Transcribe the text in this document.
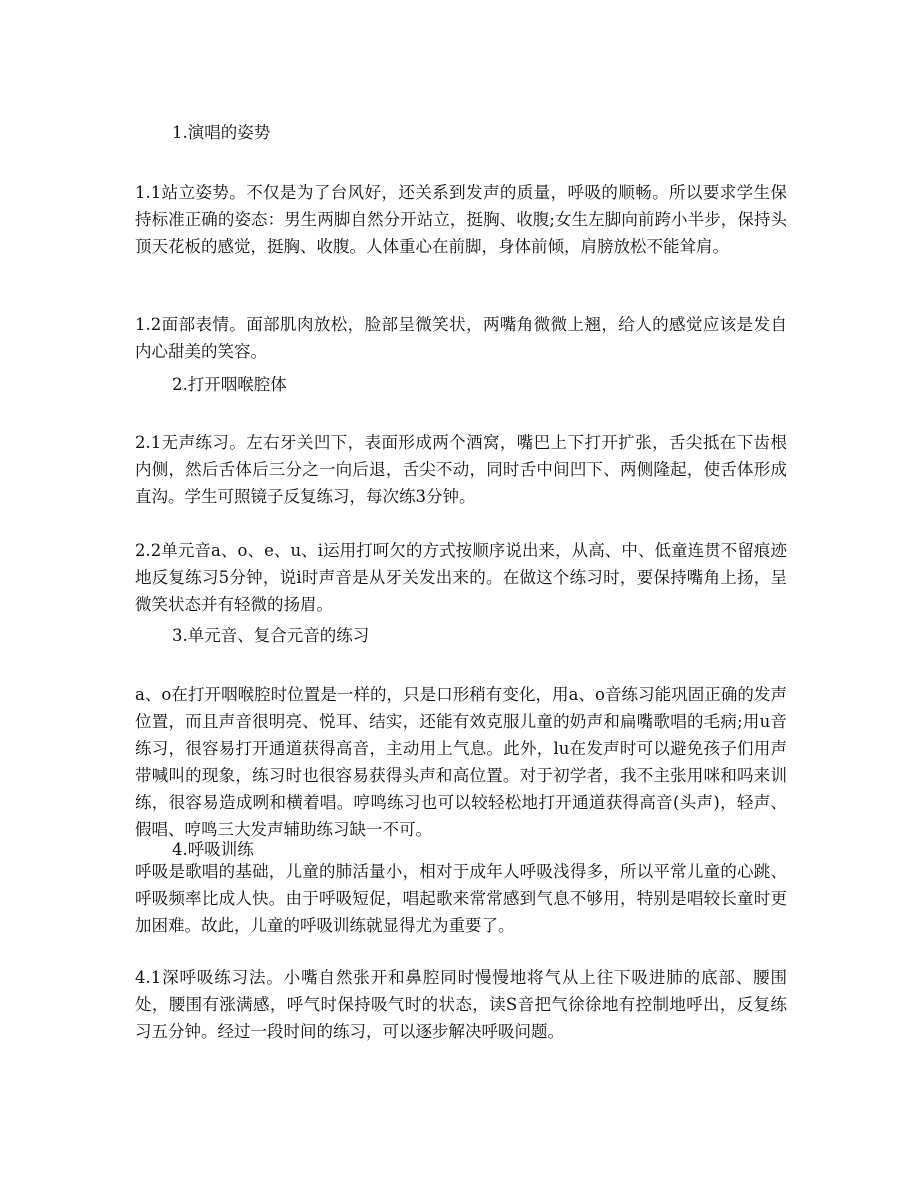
1.演唱的姿势

1.1站立姿势。不仅是为了台风好，还关系到发声的质量，呼吸的顺畅。所以要求学生保持标准正确的姿态：男生两脚自然分开站立，挺胸、收腹;女生左脚向前跨小半步，保持头顶天花板的感觉，挺胸、收腹。人体重心在前脚，身体前倾，肩膀放松不能耸肩。

1.2面部表情。面部肌肉放松，脸部呈微笑状，两嘴角微微上翘，给人的感觉应该是发自内心甜美的笑容。

2.打开咽喉腔体

2.1无声练习。左右牙关凹下，表面形成两个酒窝，嘴巴上下打开扩张，舌尖抵在下齿根内侧，然后舌体后三分之一向后退，舌尖不动，同时舌中间凹下、两侧隆起，使舌体形成直沟。学生可照镜子反复练习，每次练3分钟。

2.2单元音a、o、e、u、i运用打呵欠的方式按顺序说出来，从高、中、低童连贯不留痕迹地反复练习5分钟，说i时声音是从牙关发出来的。在做这个练习时，要保持嘴角上扬，呈微笑状态并有轻微的扬眉。

3.单元音、复合元音的练习

a、o在打开咽喉腔时位置是一样的，只是口形稍有变化，用a、o音练习能巩固正确的发声位置，而且声音很明亮、悦耳、结实，还能有效克服儿童的奶声和扁嘴歌唱的毛病;用u音练习，很容易打开通道获得高音，主动用上气息。此外，lu在发声时可以避免孩子们用声带喊叫的现象，练习时也很容易获得头声和高位置。对于初学者，我不主张用咪和吗来训练，很容易造成咧和横着唱。哼鸣练习也可以较轻松地打开通道获得高音(头声)，轻声、假唱、哼鸣三大发声辅助练习缺一不可。

4.呼吸训练

呼吸是歌唱的基础，儿童的肺活量小，相对于成年人呼吸浅得多，所以平常儿童的心跳、呼吸频率比成人快。由于呼吸短促，唱起歌来常常感到气息不够用，特别是唱较长童时更加困难。故此，儿童的呼吸训练就显得尤为重要了。

4.1深呼吸练习法。小嘴自然张开和鼻腔同时慢慢地将气从上往下吸进肺的底部、腰围处，腰围有涨满感，呼气时保持吸气时的状态，读S音把气徐徐地有控制地呼出，反复练习五分钟。经过一段时间的练习，可以逐步解决呼吸问题。
